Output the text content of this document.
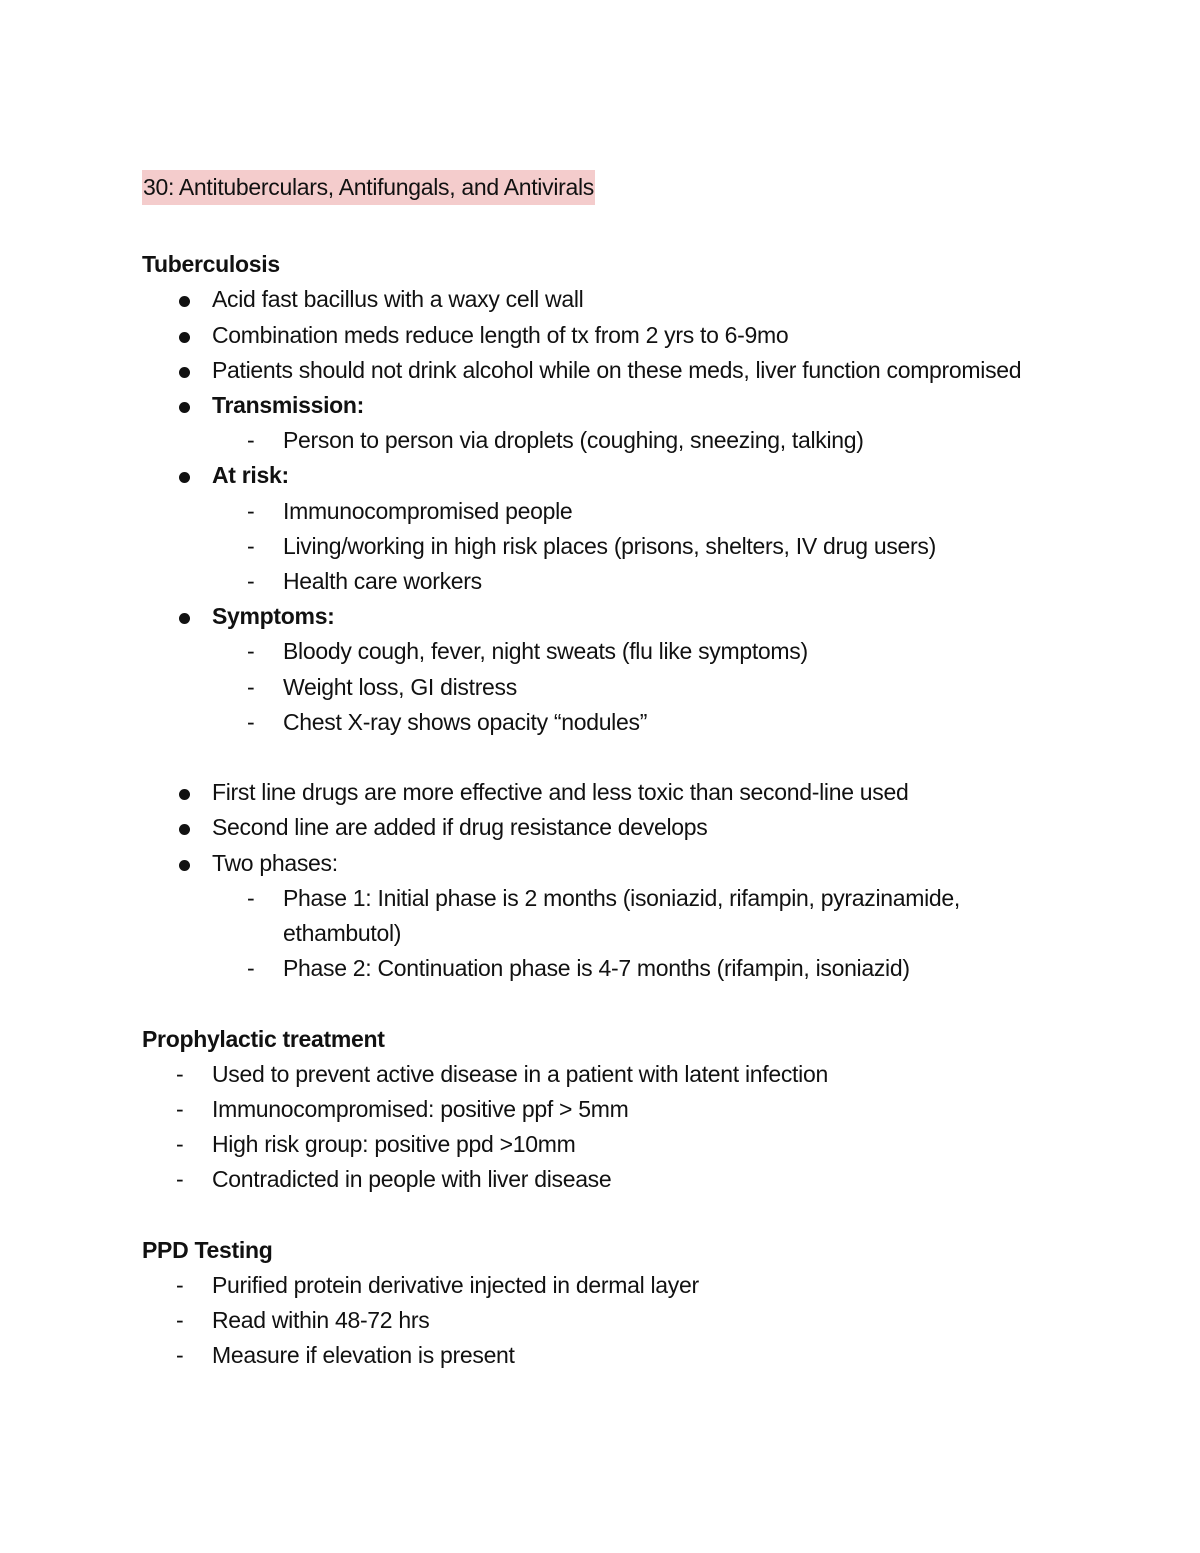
30: Antituberculars, Antifungals, and Antivirals
Tuberculosis
Acid fast bacillus with a waxy cell wall
Combination meds reduce length of tx from 2 yrs to 6-9mo
Patients should not drink alcohol while on these meds, liver function compromised
Transmission:
- Person to person via droplets (coughing, sneezing, talking)
At risk:
- Immunocompromised people
- Living/working in high risk places (prisons, shelters, IV drug users)
- Health care workers
Symptoms:
- Bloody cough, fever, night sweats (flu like symptoms)
- Weight loss, GI distress
- Chest X-ray shows opacity “nodules”
First line drugs are more effective and less toxic than second-line used
Second line are added if drug resistance develops
Two phases:
- Phase 1: Initial phase is 2 months (isoniazid, rifampin, pyrazinamide, ethambutol)
- Phase 2: Continuation phase is 4-7 months (rifampin, isoniazid)
Prophylactic treatment
- Used to prevent active disease in a patient with latent infection
- Immunocompromised: positive ppf > 5mm
- High risk group: positive ppd >10mm
- Contradicted in people with liver disease
PPD Testing
- Purified protein derivative injected in dermal layer
- Read within 48-72 hrs
- Measure if elevation is present
